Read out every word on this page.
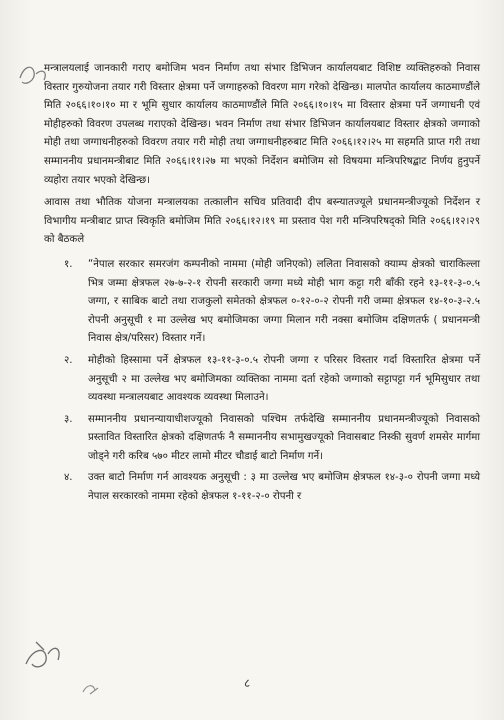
मन्त्रालयलाई जानकारी गराए बमोजिम भवन निर्माण तथा संभार डिभिजन कार्यालयबाट विशिष्ट व्यक्तिहरुको निवास विस्तार गुरुयोजना तयार गरी विस्तार क्षेत्रमा पर्ने जग्गाहरुको विवरण माग गरेको देखिन्छ। मालपोत कार्यालय काठमाण्डौंले मिति २०६६।१०।१० मा र भूमि सुधार कार्यालय काठमाण्डौंले मिति २०६६।१०।१५ मा विस्तार क्षेत्रमा पर्ने जग्गाधनी एवं मोहीहरुको विवरण उपलब्ध गराएको देखिन्छ। भवन निर्माण तथा संभार डिभिजन कार्यालयबाट विस्तार क्षेत्रको जग्गाको मोही तथा जग्गाधनीहरुको विवरण तयार गरी मोही तथा जग्गाधनीहरुबाट मिति २०६६।१२।२५ मा सहमति प्राप्त गरी तथा सम्माननीय प्रधानमन्त्रीबाट मिति २०६६।११।२७ मा भएको निर्देशन बमोजिम सो विषयमा मन्त्रिपरिषद्बाट निर्णय हुनुपर्ने व्यहोरा तयार भएको देखिन्छ।

आवास तथा भौतिक योजना मन्त्रालयका तत्कालीन सचिव प्रतिवादी दीप बस्न्यातज्यूले प्रधानमन्त्रीज्यूको निर्देशन र विभागीय मन्त्रीबाट प्राप्त स्विकृति बमोजिम मिति २०६६।१२।१९ मा प्रस्ताव पेश गरी मन्त्रिपरिषद्को मिति २०६६।१२।२९ को बैठकले

१. “नेपाल सरकार समरजंग कम्पनीको नाममा (मोही जनिएको) ललिता निवासको क्याम्प क्षेत्रको चाराकिल्ला भित्र जम्मा क्षेत्रफल २७-७-२-१ रोपनी सरकारी जग्गा मध्ये मोही भाग कट्टा गरी बाँकी रहने १३-११-३-०.५ जग्गा, र साबिक बाटो तथा राजकुलो समेतको क्षेत्रफल ०-१२-०-२ रोपनी गरी जम्मा क्षेत्रफल १४-१०-३-२.५ रोपनी अनुसूची १ मा उल्लेख भए बमोजिमका जग्गा मिलान गरी नक्सा बमोजिम दक्षिणतर्फ ( प्रधानमन्त्री निवास क्षेत्र/परिसर) विस्तार गर्ने।
२. मोहीको हिस्सामा पर्ने क्षेत्रफल १३-११-३-०.५ रोपनी जग्गा र परिसर विस्तार गर्दा विस्तारित क्षेत्रमा पर्ने अनुसूची २ मा उल्लेख भए बमोजिमका व्यक्तिका नाममा दर्ता रहेको जग्गाको सट्टापट्टा गर्न भूमिसुधार तथा व्यवस्था मन्त्रालयबाट आवश्यक व्यवस्था मिलाउने।
३. सम्माननीय प्रधानन्यायाधीशज्यूको निवासको पश्चिम तर्फदेखि सम्माननीय प्रधानमन्त्रीज्यूको निवासको प्रस्तावित विस्तारित क्षेत्रको दक्षिणतर्फ नै सम्माननीय सभामुखज्यूको निवासबाट निस्की सुवर्ण शमसेर मार्गमा जोड्ने गरी करिब ५७० मीटर लामो मीटर चौडाई बाटो निर्माण गर्ने।
४. उक्त बाटो निर्माण गर्न आवश्यक अनुसूची : ३ मा उल्लेख भए बमोजिम क्षेत्रफल १४-३-० रोपनी जग्गा मध्ये नेपाल सरकारको नाममा रहेको क्षेत्रफल १-११-२-० रोपनी र
८
